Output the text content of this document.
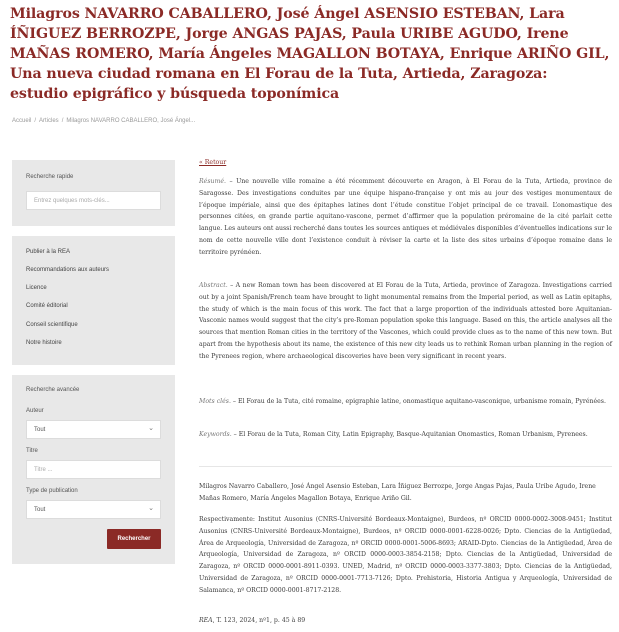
Milagros NAVARRO CABALLERO, José Ángel ASENSIO ESTEBAN, Lara ÍÑIGUEZ BERROZPE, Jorge ANGAS PAJAS, Paula URIBE AGUDO, Irene MAÑAS ROMERO, María Ángeles MAGALLON BOTAYA, Enrique ARIÑO GIL, Una nueva ciudad romana en El Forau de la Tuta, Artieda, Zaragoza: estudio epigráfico y búsqueda toponímica
Accueil / Articles / Milagros NAVARRO CABALLERO, José Ángel...
Recherche rapide
Entrez quelques mots-clés...
Publier à la REA
Recommandations aux auteurs
Licence
Comité éditorial
Conseil scientifique
Notre histoire
Recherche avancée
Auteur
Tout	⌄
Titre
Titre ...
Type de publication
Tout	⌄
Rechercher
« Retour
Résumé. – Une nouvelle ville romaine a été récemment découverte en Aragon, à El Forau de la Tuta, Artieda, province de Saragosse. Des investigations conduites par une équipe hispano-française y ont mis au jour des vestiges monumentaux de l’époque impériale, ainsi que des épitaphes latines dont l’étude constitue l’objet principal de ce travail. L’onomastique des personnes citées, en grande partie aquitano-vascone, permet d’affirmer que la population préromaine de la cité parlait cette langue. Les auteurs ont aussi recherché dans toutes les sources antiques et médiévales disponibles d’éventuelles indications sur le nom de cette nouvelle ville dont l’existence conduit à réviser la carte et la liste des sites urbains d’époque romaine dans le territoire pyrénéen.
Abstract. – A new Roman town has been discovered at El Forau de la Tuta, Artieda, province of Zaragoza. Investigations carried out by a joint Spanish/French team have brought to light monumental remains from the Imperial period, as well as Latin epitaphs, the study of which is the main focus of this work. The fact that a large proportion of the individuals attested bore Aquitanian-Vasconic names would suggest that the city’s pre-Roman population spoke this language. Based on this, the article analyses all the sources that mention Roman cities in the territory of the Vascones, which could provide clues as to the name of this new town. But apart from the hypothesis about its name, the existence of this new city leads us to rethink Roman urban planning in the region of the Pyrenees region, where archaeological discoveries have been very significant in recent years.
Mots clés. – El Forau de la Tuta, cité romaine, epigraphie latine, onomastique aquitano-vasconique, urbanisme romain, Pyrénées.
Keywords. – El Forau de la Tuta, Roman City, Latin Epigraphy, Basque-Aquitanian Onomastics, Roman Urbanism, Pyrenees.
Milagros Navarro Caballero, José Ángel Asensio Esteban, Lara Íñiguez Berrozpe, Jorge Angas Pajas, Paula Uribe Agudo, Irene Mañas Romero, María Ángeles Magallon Botaya, Enrique Ariño Gil.
Respectivamente: Institut Ausonius (CNRS-Université Bordeaux-Montaigne), Burdeos, nº ORCID 0000-0002-3008-9451; Institut Ausonius (CNRS-Université Bordeaux-Montaigne), Burdeos, nº ORCID 0000-0001-6228-0026; Dpto. Ciencias de la Antigüedad, Área de Arqueología, Universidad de Zaragoza, nº ORCID 0000-0001-5006-8693; ARAID-Dpto. Ciencias de la Antigüedad, Área de Arqueología, Universidad de Zaragoza, nº ORCID 0000-0003-3854-2158; Dpto. Ciencias de la Antigüedad, Universidad de Zaragoza, nº ORCID 0000-0001-8911-0393. UNED, Madrid, nº ORCID 0000-0003-3377-3803; Dpto. Ciencias de la Antigüedad, Universidad de Zaragoza, nº ORCID 0000-0001-7713-7126; Dpto. Prehistoria, Historia Antigua y Arqueología, Universidad de Salamanca, nº ORCID 0000-0001-8717-2128.
REA, T. 123, 2024, nº1, p. 45 à 89
